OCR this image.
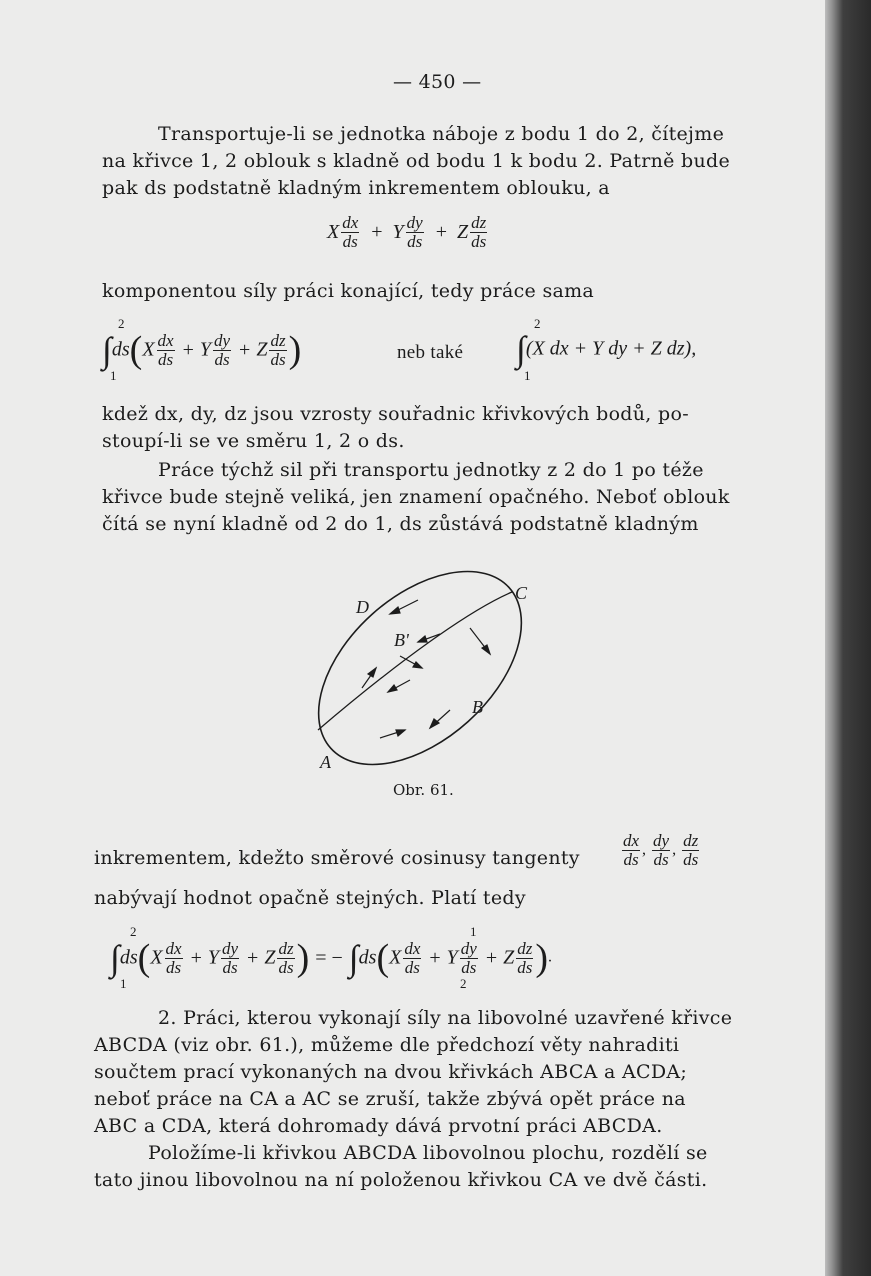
— 450 —
Transportuje-li se jednotka náboje z bodu 1 do 2, čítejme
na křivce 1, 2 oblouk s kladně od bodu 1 k bodu 2. Patrně bude
pak ds podstatně kladným inkrementem oblouku, a
X $\frac{dx}{ds} + Y \frac{dy}{ds} + Z \frac{dz}{ds}$
komponentou síly práci konající, tedy práce sama
2
1
$\int ds(X \frac{dx}{ds} + Y \frac{dy}{ds} + Z \frac{dz}{ds}$ )	neb také
2
1
∫(X dx + Y dy + Z dz),
kdež dx, dy, dz jsou vzrosty souřadnic křivkových bodů, po-
stoupí-li se ve směru 1, 2 o ds.
Práce týchž sil při transportu jednotky z 2 do 1 po téže
křivce bude stejně veliká, jen znamení opačného. Neboť oblouk
čítá se nyní kladně od 2 do 1, ds zůstává podstatně kladným
D
C
B'
B
A
Obr. 61.
inkrementem, kdežto směrové cosinusy tangenty $\frac{dx}{ds}$ , $\frac{dy}{ds}$ , $\frac{dz}{ds}$
nabývají hodnot opačně stejných. Platí tedy
2
1
$\int ds(X \frac{dx}{ds} + Y \frac{dy}{ds} + Z \frac{dz}{ds}$ ) = − $\int ds(X \frac{dx}{ds} + Y \frac{dy}{ds} + Z \frac{dz}{ds}$ ).
1
2
2. Práci, kterou vykonají síly na libovolné uzavřené křivce
ABCDA (viz obr. 61.), můžeme dle předchozí věty nahraditi
součtem prací vykonaných na dvou křivkách ABCA a ACDA;
neboť práce na CA a AC se zruší, takže zbývá opět práce na
ABC a CDA, která dohromady dává prvotní práci ABCDA.
Položíme-li křivkou ABCDA libovolnou plochu, rozdělí se
tato jinou libovolnou na ní položenou křivkou CA ve dvě části.
